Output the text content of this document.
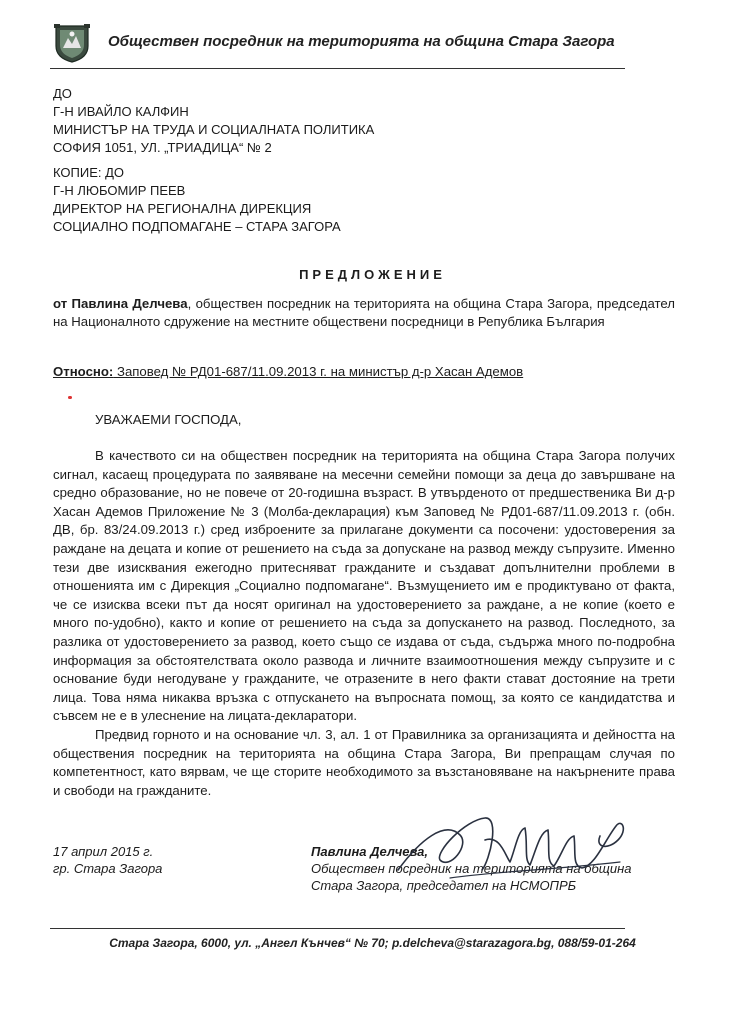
Обществен посредник на територията на община Стара Загора
ДО
Г-Н ИВАЙЛО КАЛФИН
МИНИСТЪР НА ТРУДА И СОЦИАЛНАТА ПОЛИТИКА
СОФИЯ 1051, УЛ. „ТРИАДИЦА“ № 2
КОПИЕ: ДО
Г-Н ЛЮБОМИР ПЕЕВ
ДИРЕКТОР НА РЕГИОНАЛНА ДИРЕКЦИЯ
СОЦИАЛНО ПОДПОМАГАНЕ – СТАРА ЗАГОРА
ПРЕДЛОЖЕНИЕ
от Павлина Делчева, обществен посредник на територията на община Стара Загора, председател на Националното сдружение на местните обществени посредници в Република България
Относно: Заповед № РД01-687/11.09.2013 г. на министър д-р Хасан Адемов
УВАЖАЕМИ ГОСПОДА,

В качеството си на обществен посредник на територията на община Стара Загора получих сигнал, касаещ процедурата по заявяване на месечни семейни помощи за деца до завършване на средно образование, но не повече от 20-годишна възраст. В утвърденото от предшественика Ви д-р Хасан Адемов Приложение № 3 (Молба-декларация) към Заповед № РД01-687/11.09.2013 г. (обн. ДВ, бр. 83/24.09.2013 г.) сред изброените за прилагане документи са посочени: удостоверения за раждане на децата и копие от решението на съда за допускане на развод между съпрузите. Именно тези две изисквания ежегодно притесняват гражданите и създават допълнителни проблеми в отношенията им с Дирекция „Социално подпомагане“. Възмущението им е продиктувано от факта, че се изисква всеки път да носят оригинал на удостоверението за раждане, а не копие (което е много по-удобно), както и копие от решението на съда за допускането на развод. Последното, за разлика от удостоверението за развод, което също се издава от съда, съдържа много по-подробна информация за обстоятелствата около развода и личните взаимоотношения между съпрузите и с основание буди негодуване у гражданите, че отразените в него факти стават достояние на трети лица. Това няма никаква връзка с отпускането на въпросната помощ, за която се кандидатства и съвсем не е в улеснение на лицата-декларатори.

Предвид горното и на основание чл. 3, ал. 1 от Правилника за организацията и дейността на обществения посредник на територията на община Стара Загора, Ви препращам случая по компетентност, като вярвам, че ще сторите необходимото за възстановяване на накърнените права и свободи на гражданите.

17 април 2015 г.
гр. Стара Загора
Павлина Делчева,
Обществен посредник на територията на община
Стара Загора, председател на НСМОПРБ
Стара Загора, 6000, ул. „Ангел Кънчев“ № 70; p.delcheva@starazagora.bg, 088/59-01-264
